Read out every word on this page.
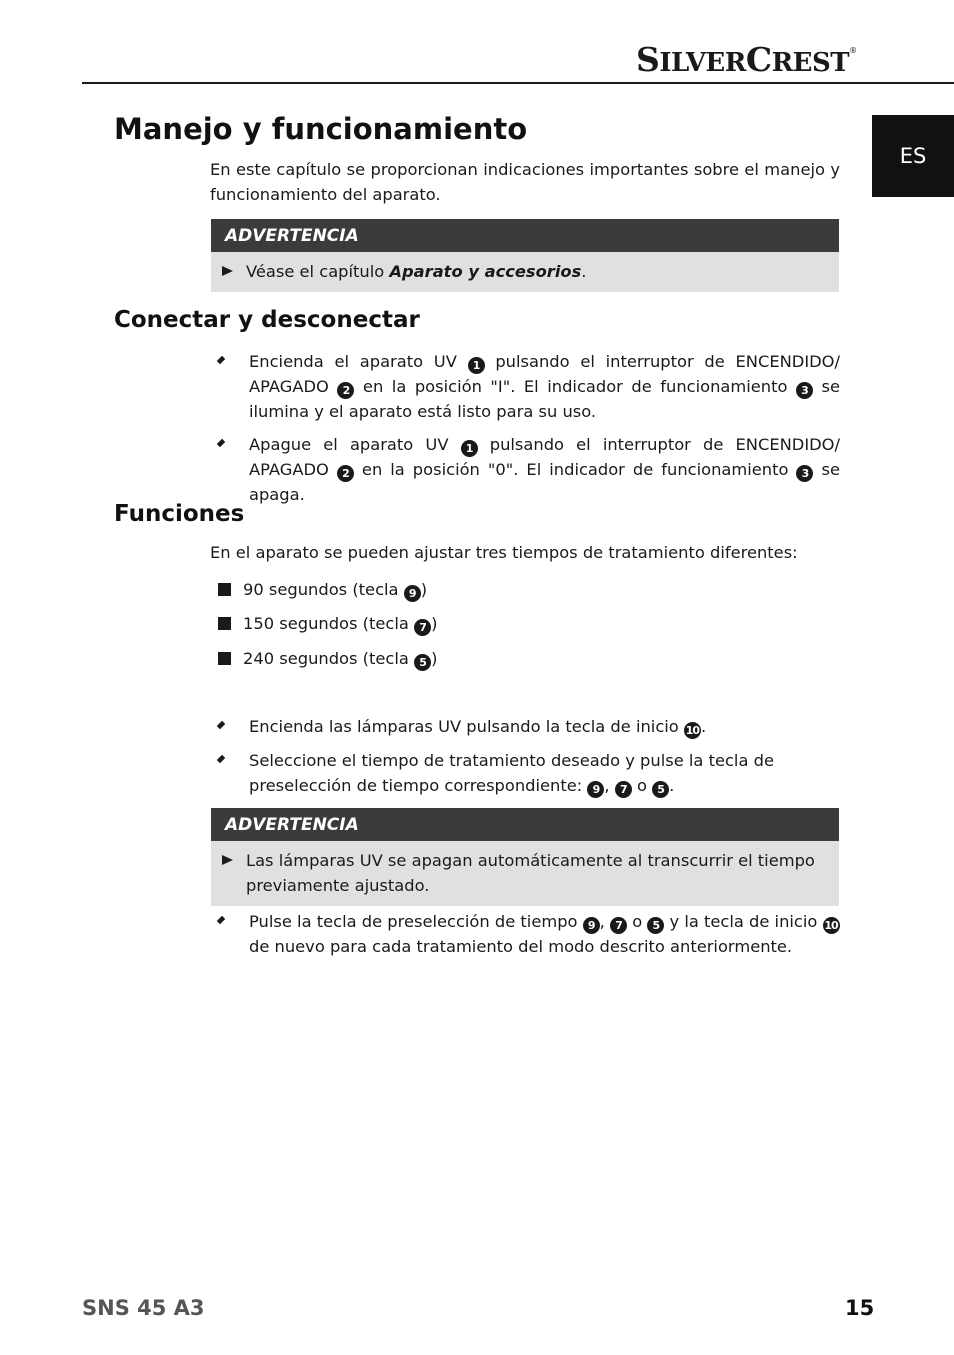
SILVERCREST®
ES
Manejo y funcionamiento
En este capítulo se proporcionan indicaciones importantes sobre el manejo y funcionamiento del aparato.
ADVERTENCIA
Véase el capítulo Aparato y accesorios.
Conectar y desconectar
Encienda el aparato UV 1 pulsando el interruptor de ENCENDIDO/ APAGADO 2 en la posición "I". El indicador de funcionamiento 3 se ilumina y el aparato está listo para su uso.
Apague el aparato UV 1 pulsando el interruptor de ENCENDIDO/ APAGADO 2 en la posición "0". El indicador de funcionamiento 3 se apaga.
Funciones
En el aparato se pueden ajustar tres tiempos de tratamiento diferentes:
90 segundos (tecla 9 )
150 segundos (tecla 7 )
240 segundos (tecla 5 )
Encienda las lámparas UV pulsando la tecla de inicio 10 .
Seleccione el tiempo de tratamiento deseado y pulse la tecla de preselección de tiempo correspondiente: 9 , 7 o 5 .
ADVERTENCIA
Las lámparas UV se apagan automáticamente al transcurrir el tiempo previamente ajustado.
Pulse la tecla de preselección de tiempo 9 , 7 o 5 y la tecla de inicio 10 de nuevo para cada tratamiento del modo descrito anteriormente.
SNS 45 A3	15
